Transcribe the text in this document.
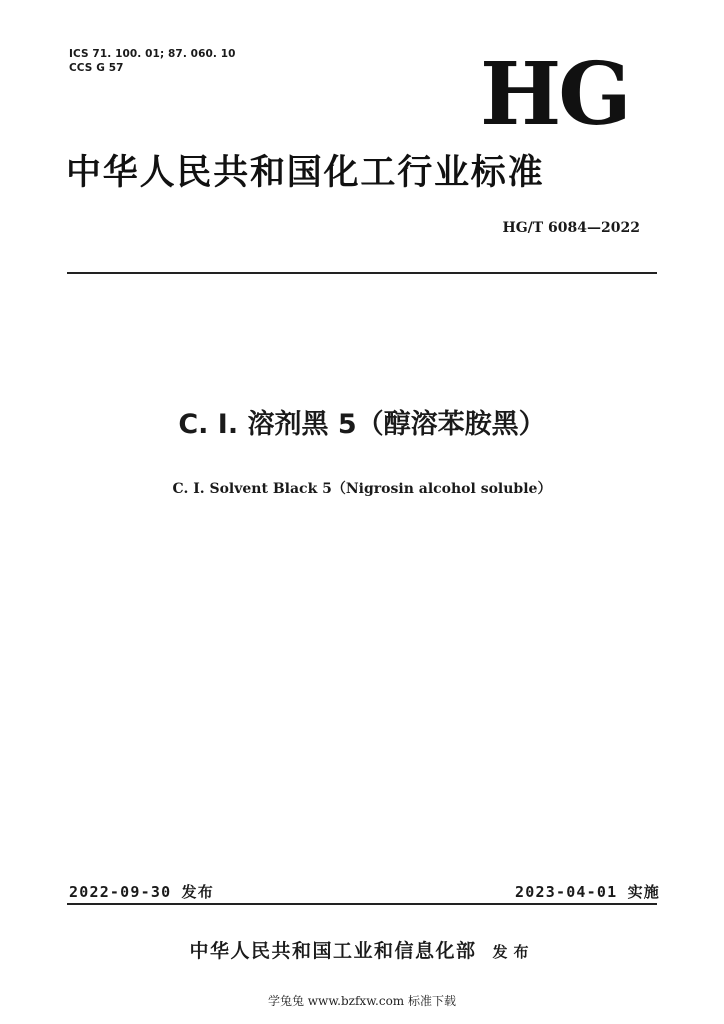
ICS 71. 100. 01; 87. 060. 10
CCS G 57	HG
中华人民共和国化工行业标准
HG/T 6084—2022
C. I. 溶剂黑 5（醇溶苯胺黑）
C. I. Solvent Black 5（Nigrosin alcohol soluble）
2022-09-30 发布	2023-04-01 实施
中华人民共和国工业和信息化部 发布
学兔兔 www.bzfxw.com 标准下载
